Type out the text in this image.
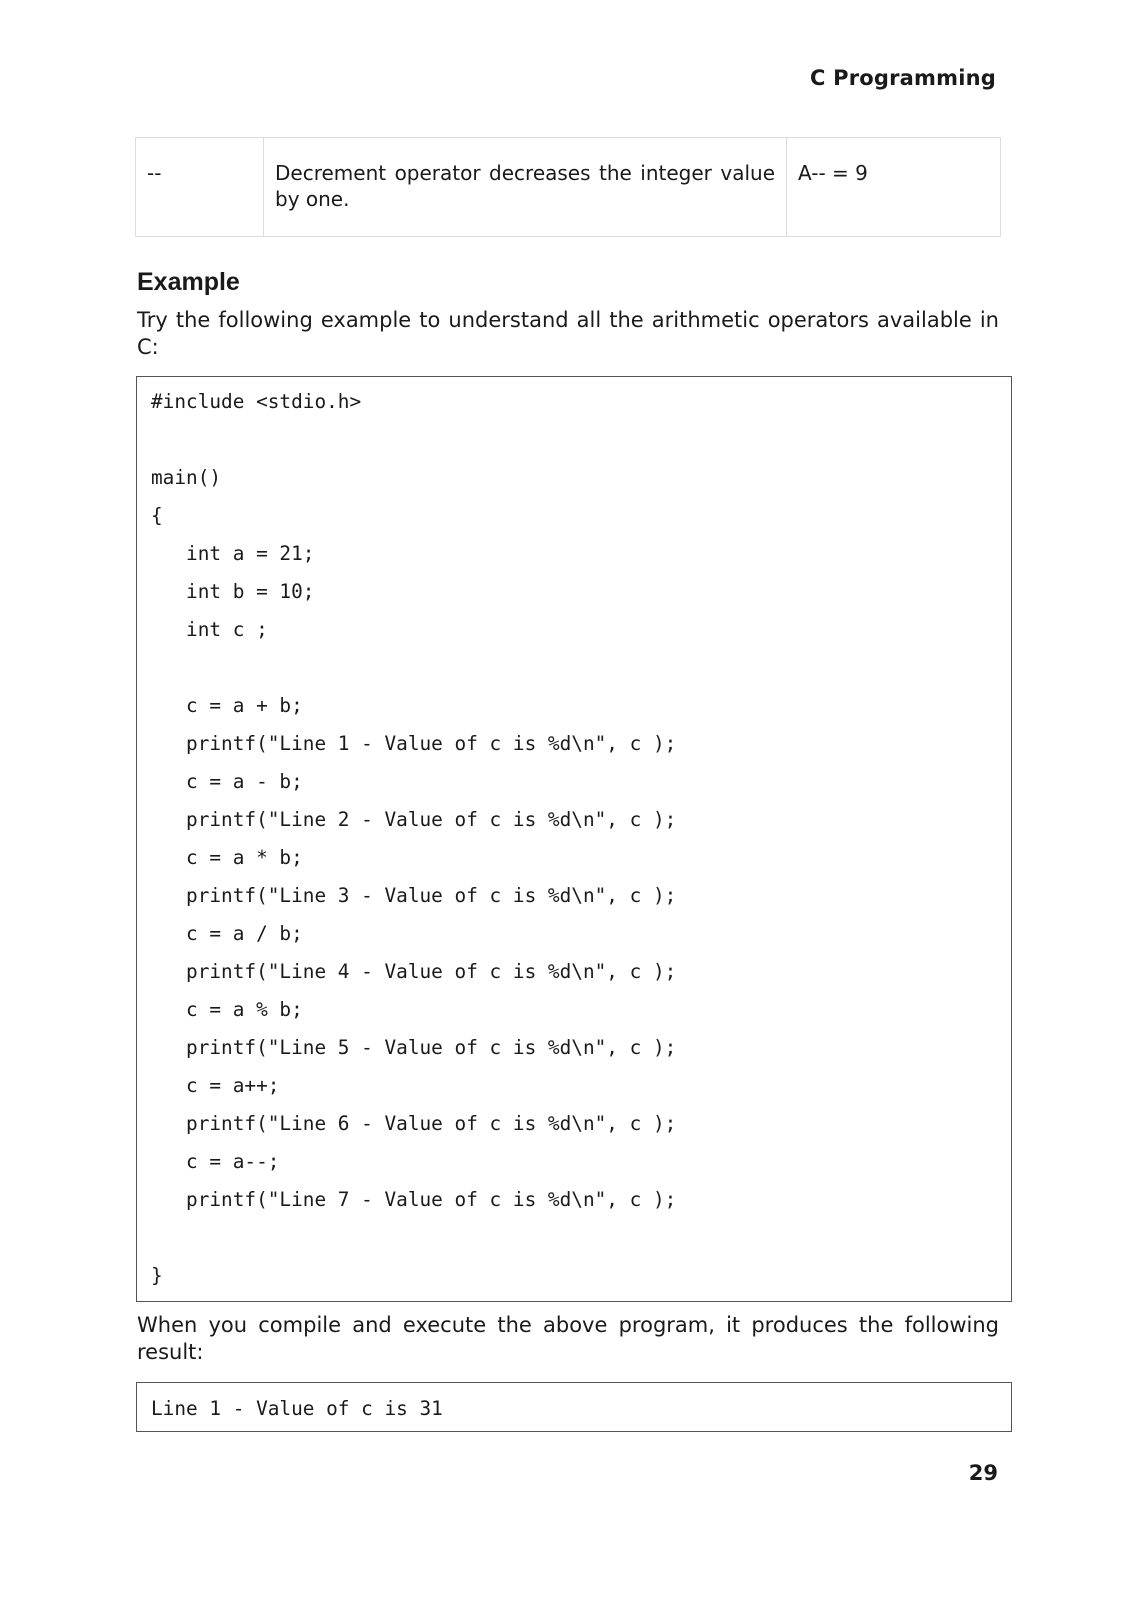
C Programming
--	Decrement operator decreases the integer value by one.	A-- = 9
Example
Try the following example to understand all the arithmetic operators available in C:
#include <stdio.h>
main()
{
int a = 21;
int b = 10;
int c ;
c = a + b;
printf("Line 1 - Value of c is %d\n", c );
c = a - b;
printf("Line 2 - Value of c is %d\n", c );
c = a * b;
printf("Line 3 - Value of c is %d\n", c );
c = a / b;
printf("Line 4 - Value of c is %d\n", c );
c = a % b;
printf("Line 5 - Value of c is %d\n", c );
c = a++;
printf("Line 6 - Value of c is %d\n", c );
c = a--;
printf("Line 7 - Value of c is %d\n", c );
}
When you compile and execute the above program, it produces the following result:
Line 1 - Value of c is 31
29
